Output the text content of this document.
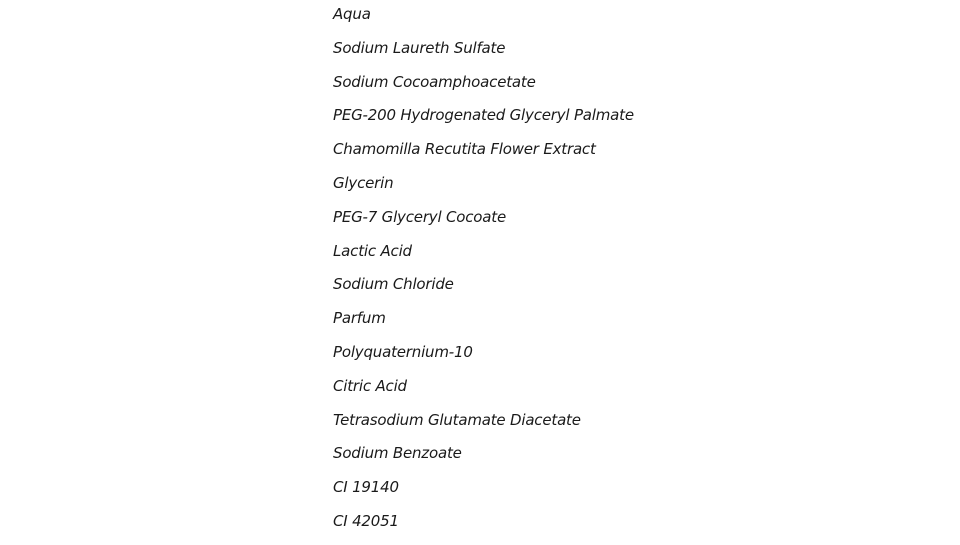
Aqua
Sodium Laureth Sulfate
Sodium Cocoamphoacetate
PEG-200 Hydrogenated Glyceryl Palmate
Chamomilla Recutita Flower Extract
Glycerin
PEG-7 Glyceryl Cocoate
Lactic Acid
Sodium Chloride
Parfum
Polyquaternium-10
Citric Acid
Tetrasodium Glutamate Diacetate
Sodium Benzoate
CI 19140
CI 42051
